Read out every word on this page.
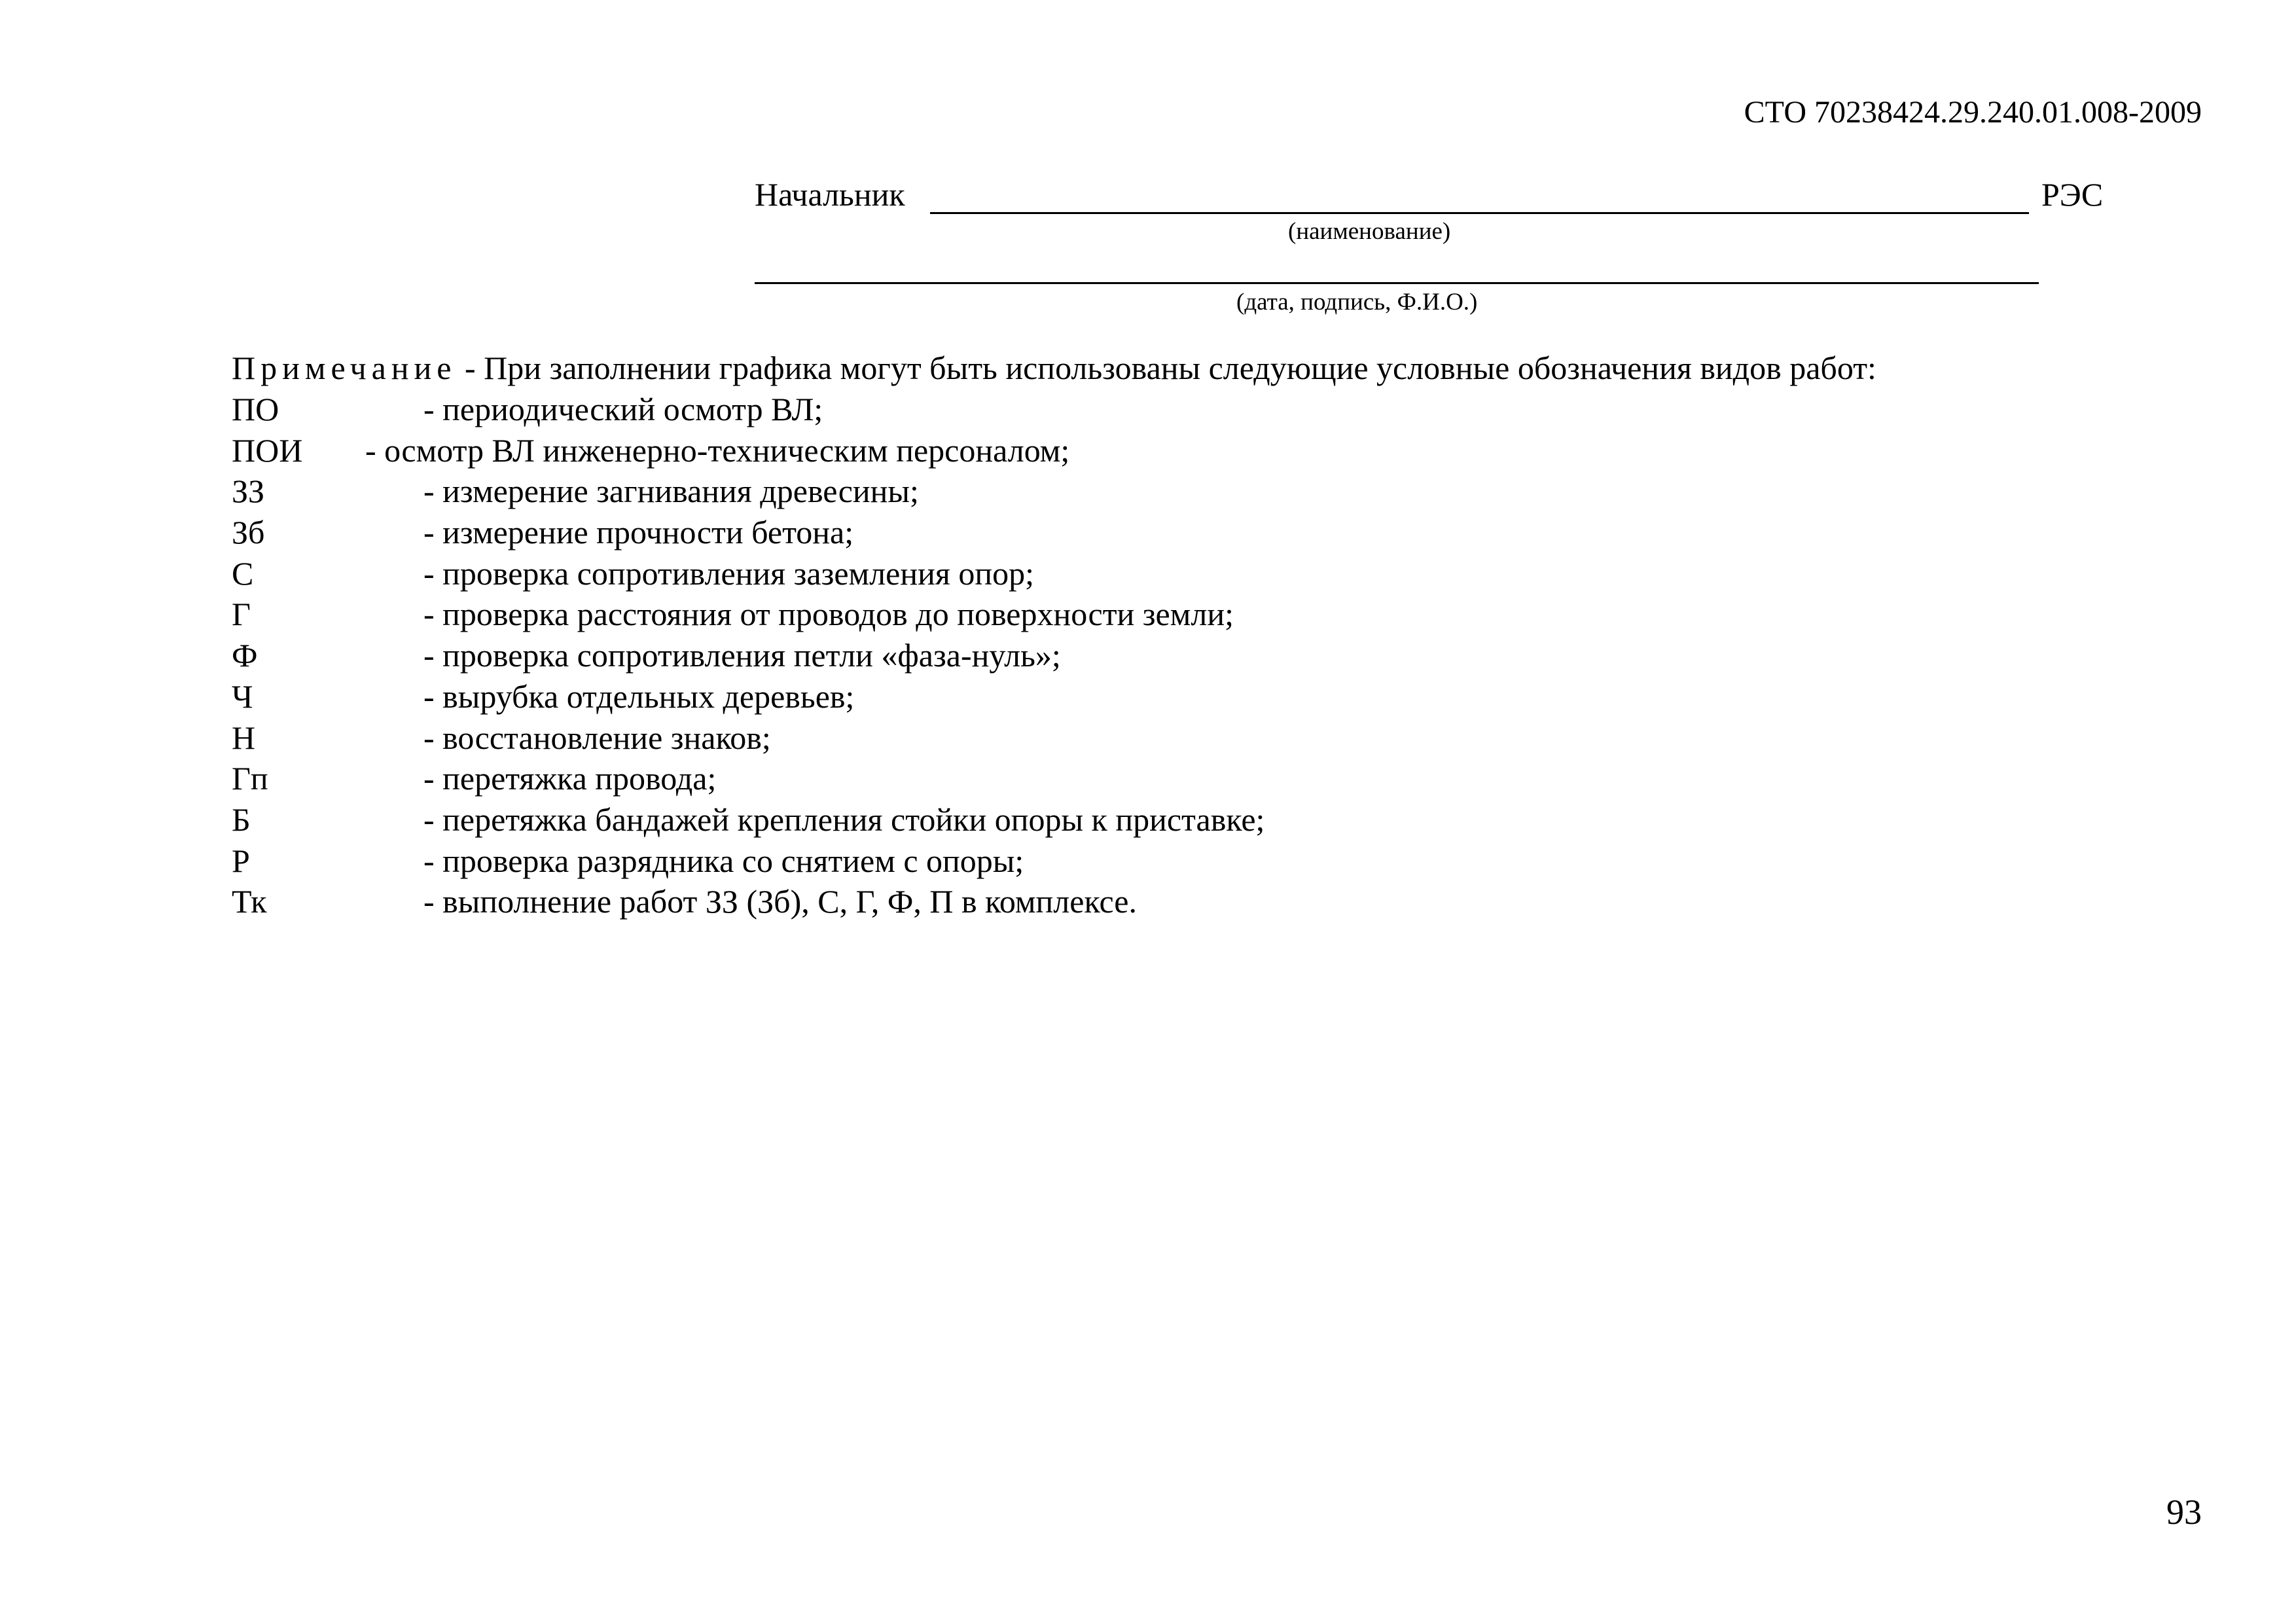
СТО 70238424.29.240.01.008-2009
Начальник	РЭС
(наименование)
(дата, подпись, Ф.И.О.)
Примечание - При заполнении графика могут быть использованы следующие условные обозначения видов работ:
ПО	- периодический осмотр ВЛ;
ПОИ - осмотр ВЛ инженерно-техническим персоналом;
ЗЗ	- измерение загнивания древесины;
Зб	- измерение прочности бетона;
С	- проверка сопротивления заземления опор;
Г	- проверка расстояния от проводов до поверхности земли;
Ф	- проверка сопротивления петли «фаза-нуль»;
Ч	- вырубка отдельных деревьев;
Н	- восстановление знаков;
Гп	- перетяжка провода;
Б	- перетяжка бандажей крепления стойки опоры к приставке;
Р	- проверка разрядника со снятием с опоры;
Тк	- выполнение работ ЗЗ (Зб), С, Г, Ф, П в комплексе.
93
